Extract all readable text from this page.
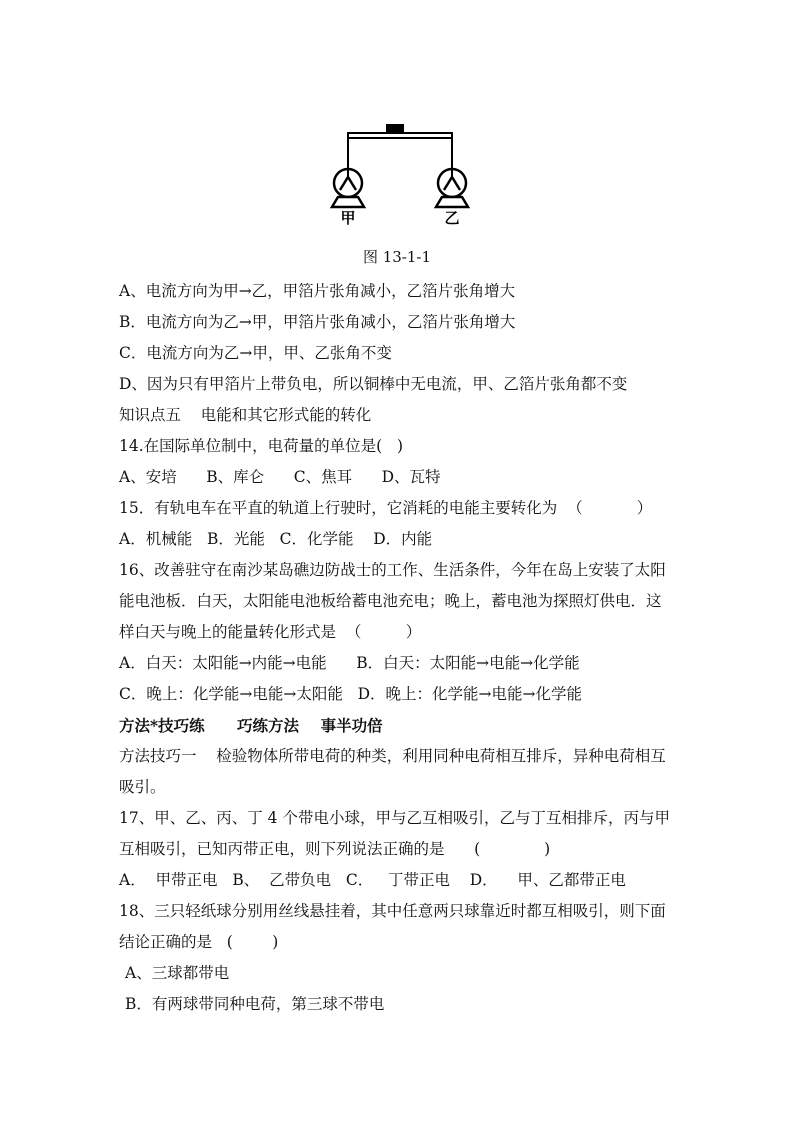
甲	乙
图 13-1-1
A、电流方向为甲→乙，甲箔片张角减小，乙箔片张角增大
B．电流方向为乙→甲，甲箔片张角减小，乙箔片张角增大
C．电流方向为乙→甲，甲、乙张角不变
D、因为只有甲箔片上带负电，所以铜棒中无电流，甲、乙箔片张角都不变
知识点五    电能和其它形式能的转化
14.在国际单位制中，电荷量的单位是(   )
A、安培      B、库仑      C、焦耳      D、瓦特
15．有轨电车在平直的轨道上行驶时，它消耗的电能主要转化为  （           ）
A．机械能   B．光能   C．化学能    D．内能
16、改善驻守在南沙某岛礁边防战士的工作、生活条件，今年在岛上安装了太阳
能电池板．白天，太阳能电池板给蓄电池充电；晚上，蓄电池为探照灯供电．这
样白天与晚上的能量转化形式是  （         ）
A．白天：太阳能→内能→电能      B．白天：太阳能→电能→化学能
C．晚上：化学能→电能→太阳能   D．晚上：化学能→电能→化学能
方法*技巧练      巧练方法    事半功倍
方法技巧一    检验物体所带电荷的种类，利用同种电荷相互排斥，异种电荷相互
吸引。
17、甲、乙、丙、丁 4 个带电小球，甲与乙互相吸引，乙与丁互相排斥，丙与甲
互相吸引，已知丙带正电，则下列说法正确的是      (             )
A．  甲带正电   B、  乙带负电   C．   丁带正电    D．    甲、乙都带正电
18、三只轻纸球分别用丝线悬挂着，其中任意两只球靠近时都互相吸引，则下面
结论正确的是   (        )
A、三球都带电
B．有两球带同种电荷，第三球不带电
